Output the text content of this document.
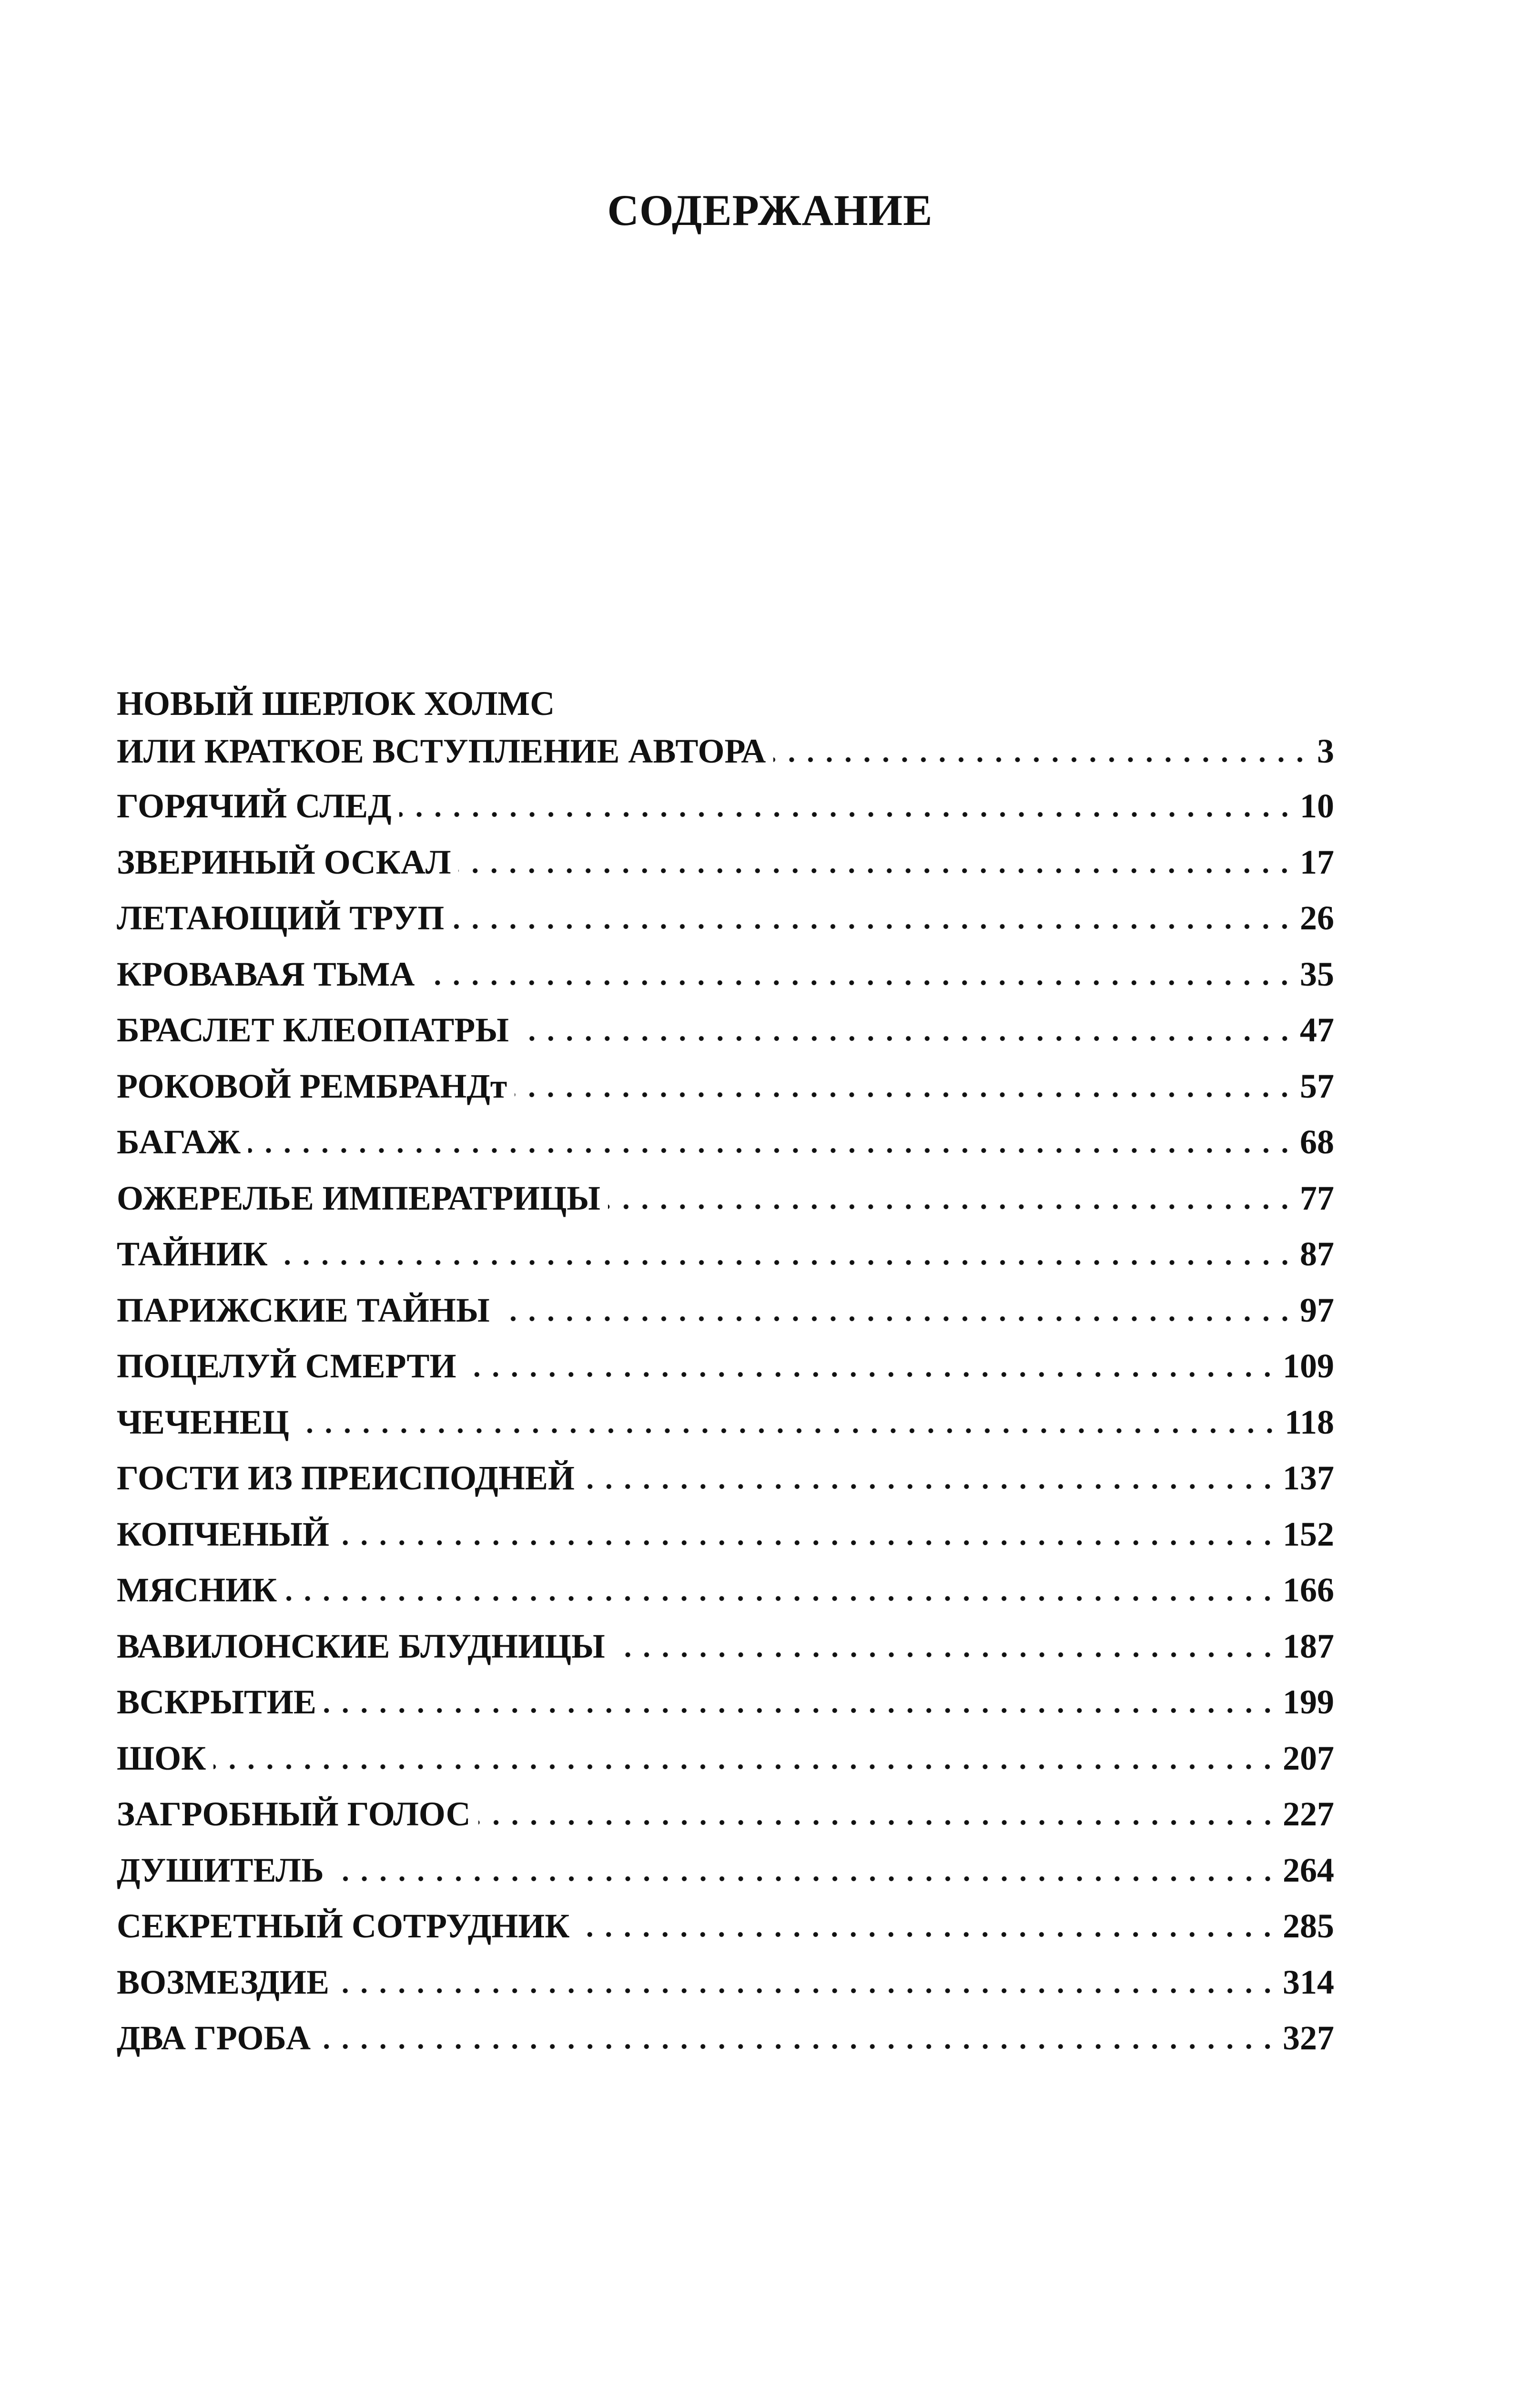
СОДЕРЖАНИЕ
НОВЫЙ ШЕРЛОК ХОЛМС
ИЛИ КРАТКОЕ ВСТУПЛЕНИЕ АВТОРА	3
ГОРЯЧИЙ СЛЕД	10
ЗВЕРИНЫЙ ОСКАЛ	17
ЛЕТАЮЩИЙ ТРУП	26
КРОВАВАЯ ТЬМА	35
БРАСЛЕТ КЛЕОПАТРЫ	47
РОКОВОЙ РЕМБРАНДт	57
БАГАЖ	68
ОЖЕРЕЛЬЕ ИМПЕРАТРИЦЫ	77
ТАЙНИК	87
ПАРИЖСКИЕ ТАЙНЫ	97
ПОЦЕЛУЙ СМЕРТИ	109
ЧЕЧЕНЕЦ	118
ГОСТИ ИЗ ПРЕИСПОДНЕЙ	137
КОПЧЕНЫЙ	152
МЯСНИК	166
ВАВИЛОНСКИЕ БЛУДНИЦЫ	187
ВСКРЫТИЕ	199
ШОК	207
ЗАГРОБНЫЙ ГОЛОС	227
ДУШИТЕЛЬ	264
СЕКРЕТНЫЙ СОТРУДНИК	285
ВОЗМЕЗДИЕ	314
ДВА ГРОБА	327
